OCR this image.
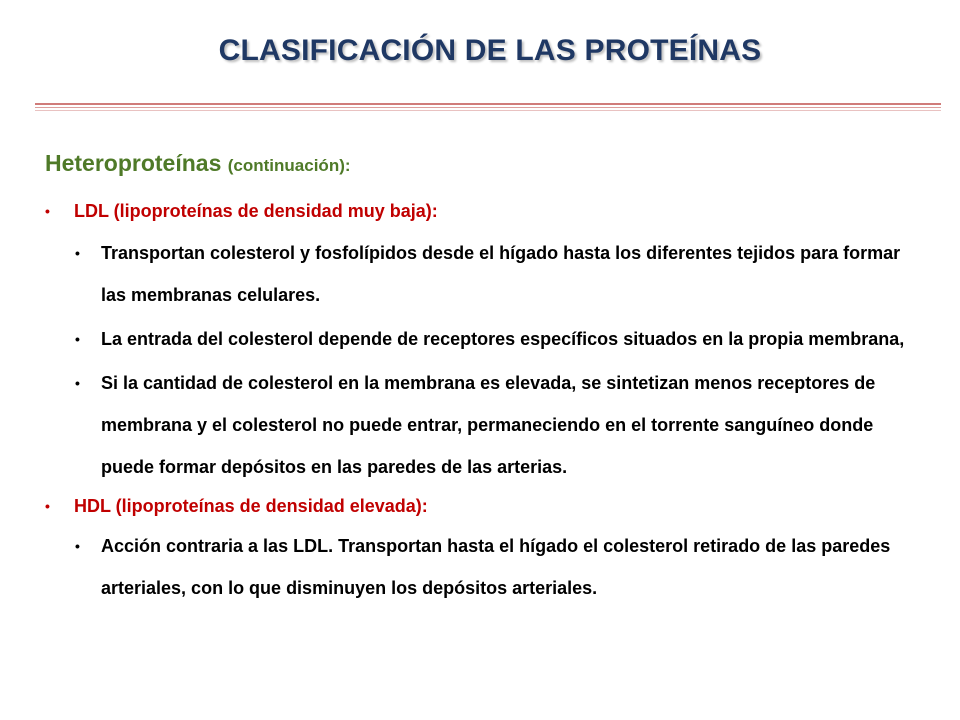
CLASIFICACIÓN DE LAS PROTEÍNAS
Heteroproteínas (continuación):
• LDL (lipoproteínas de densidad muy baja):
• Transportan colesterol y fosfolípidos desde el hígado hasta los diferentes tejidos para formar las membranas celulares.
• La entrada del colesterol depende de receptores específicos situados en la propia membrana,
• Si la cantidad de colesterol en la membrana es elevada, se sintetizan menos receptores de membrana y el colesterol no puede entrar, permaneciendo en el torrente sanguíneo donde puede formar depósitos en las paredes de las arterias.
• HDL (lipoproteínas de densidad elevada):
• Acción contraria a las LDL. Transportan hasta el hígado el colesterol retirado de las paredes arteriales, con lo que disminuyen los depósitos arteriales.
